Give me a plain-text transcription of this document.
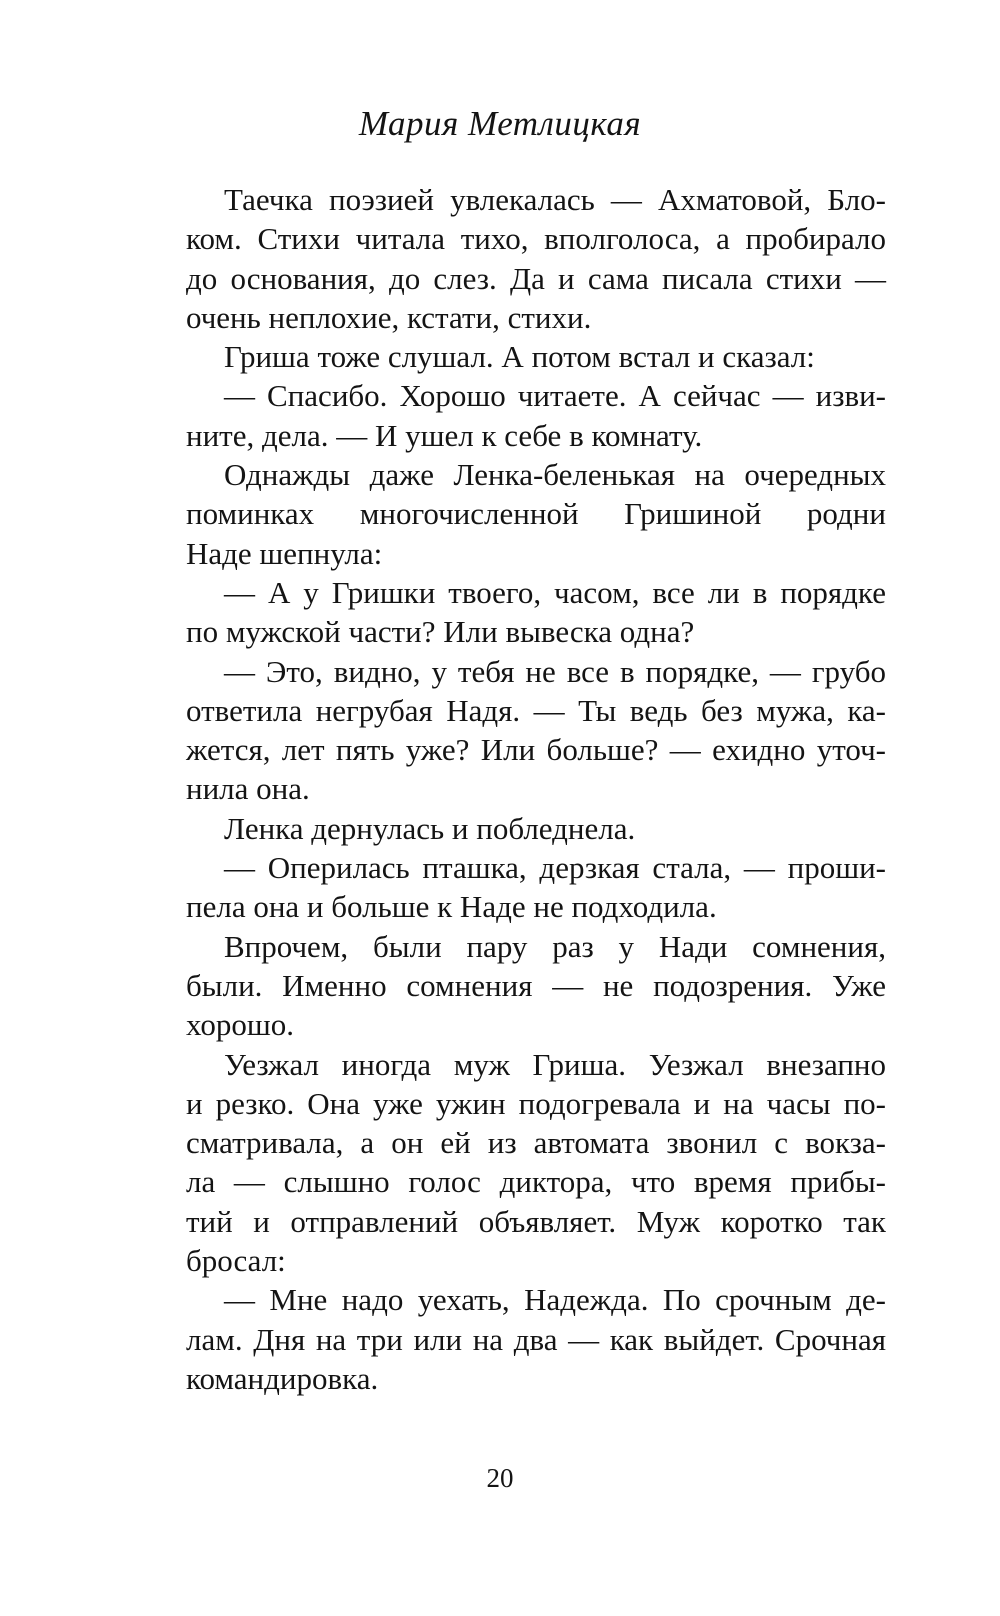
Мария Метлицкая
Таечка поэзией увлекалась — Ахматовой, Бло-
ком. Стихи читала тихо, вполголоса, а пробирало
до основания, до слез. Да и сама писала стихи —
очень неплохие, кстати, стихи.
Гриша тоже слушал. А потом встал и сказал:
— Спасибо. Хорошо читаете. А сейчас — изви-
ните, дела. — И ушел к себе в комнату.
Однажды даже Ленка-беленькая на очередных
поминках многочисленной Гришиной родни
Наде шепнула:
— А у Гришки твоего, часом, все ли в порядке
по мужской части? Или вывеска одна?
— Это, видно, у тебя не все в порядке, — грубо
ответила негрубая Надя. — Ты ведь без мужа, ка-
жется, лет пять уже? Или больше? — ехидно уточ-
нила она.
Ленка дернулась и побледнела.
— Оперилась пташка, дерзкая стала, — проши-
пела она и больше к Наде не подходила.
Впрочем, были пару раз у Нади сомнения,
были. Именно сомнения — не подозрения. Уже
хорошо.
Уезжал иногда муж Гриша. Уезжал внезапно
и резко. Она уже ужин подогревала и на часы по-
сматривала, а он ей из автомата звонил с вокза-
ла — слышно голос диктора, что время прибы-
тий и отправлений объявляет. Муж коротко так
бросал:
— Мне надо уехать, Надежда. По срочным де-
лам. Дня на три или на два — как выйдет. Срочная
командировка.
20
